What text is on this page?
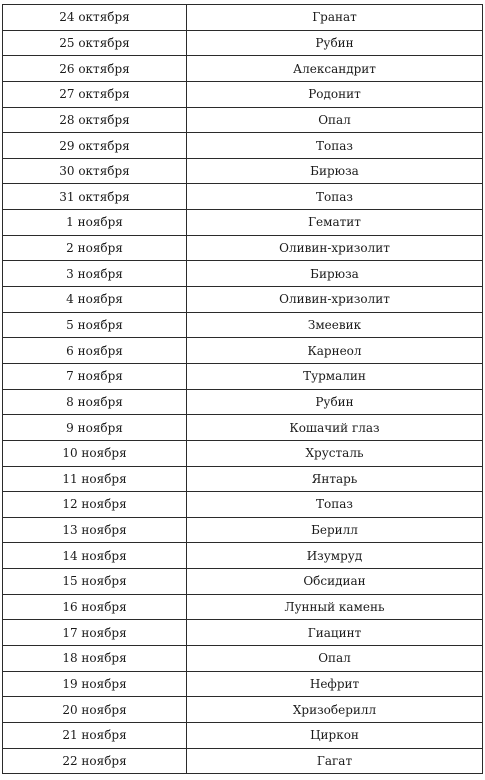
24 октября	Гранат
25 октября	Рубин
26 октября	Александрит
27 октября	Родонит
28 октября	Опал
29 октября	Топаз
30 октября	Бирюза
31 октября	Топаз
1 ноября	Гематит
2 ноября	Оливин-хризолит
3 ноября	Бирюза
4 ноября	Оливин-хризолит
5 ноября	Змеевик
6 ноября	Карнеол
7 ноября	Турмалин
8 ноября	Рубин
9 ноября	Кошачий глаз
10 ноября	Хрусталь
11 ноября	Янтарь
12 ноября	Топаз
13 ноября	Берилл
14 ноября	Изумруд
15 ноября	Обсидиан
16 ноября	Лунный камень
17 ноября	Гиацинт
18 ноября	Опал
19 ноября	Нефрит
20 ноября	Хризоберилл
21 ноября	Циркон
22 ноября	Гагат
